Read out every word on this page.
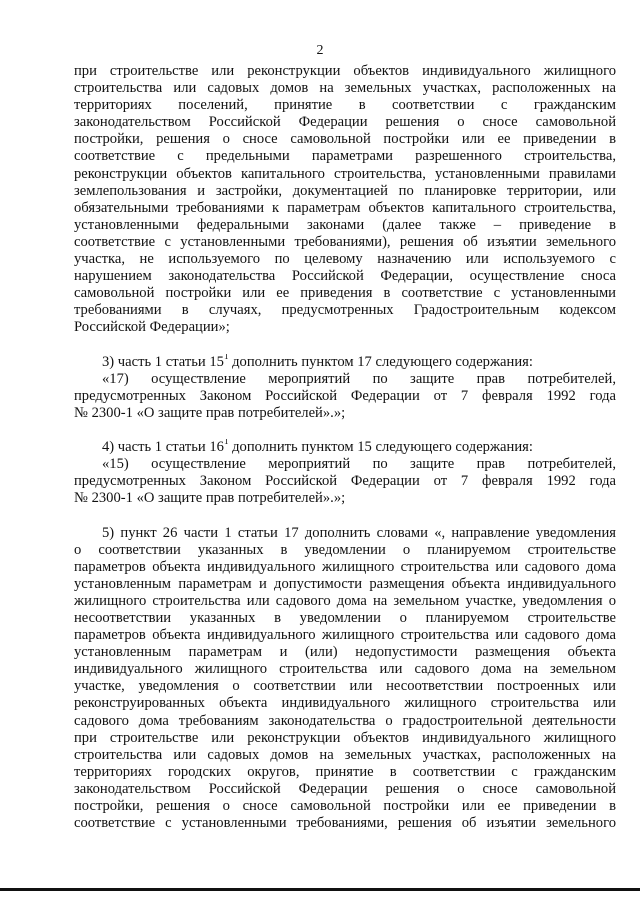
2
при строительстве или реконструкции объектов индивидуального жилищного
строительства или садовых домов на земельных участках, расположенных на
территориях поселений, принятие в соответствии с гражданским
законодательством Российской Федерации решения о сносе самовольной
постройки, решения о сносе самовольной постройки или ее приведении в
соответствие с предельными параметрами разрешенного строительства,
реконструкции объектов капитального строительства, установленными правилами
землепользования и застройки, документацией по планировке территории, или
обязательными требованиями к параметрам объектов капитального строительства,
установленными федеральными законами (далее также – приведение в
соответствие с установленными требованиями), решения об изъятии земельного
участка, не используемого по целевому назначению или используемого с
нарушением законодательства Российской Федерации, осуществление сноса
самовольной постройки или ее приведения в соответствие с установленными
требованиями в случаях, предусмотренных Градостроительным кодексом
Российской Федерации»;
3) часть 1 статьи $15^1$ дополнить пунктом 17 следующего содержания:
«17) осуществление мероприятий по защите прав потребителей,
предусмотренных Законом Российской Федерации от 7 февраля 1992 года
№ 2300-1 «О защите прав потребителей».»;
4) часть 1 статьи $16^1$ дополнить пунктом 15 следующего содержания:
«15) осуществление мероприятий по защите прав потребителей,
предусмотренных Законом Российской Федерации от 7 февраля 1992 года
№ 2300-1 «О защите прав потребителей».»;
5) пункт 26 части 1 статьи 17 дополнить словами «, направление уведомления
о соответствии указанных в уведомлении о планируемом строительстве
параметров объекта индивидуального жилищного строительства или садового дома
установленным параметрам и допустимости размещения объекта индивидуального
жилищного строительства или садового дома на земельном участке, уведомления о
несоответствии указанных в уведомлении о планируемом строительстве
параметров объекта индивидуального жилищного строительства или садового дома
установленным параметрам и (или) недопустимости размещения объекта
индивидуального жилищного строительства или садового дома на земельном
участке, уведомления о соответствии или несоответствии построенных или
реконструированных объекта индивидуального жилищного строительства или
садового дома требованиям законодательства о градостроительной деятельности
при строительстве или реконструкции объектов индивидуального жилищного
строительства или садовых домов на земельных участках, расположенных на
территориях городских округов, принятие в соответствии с гражданским
законодательством Российской Федерации решения о сносе самовольной
постройки, решения о сносе самовольной постройки или ее приведении в
соответствие с установленными требованиями, решения об изъятии земельного
